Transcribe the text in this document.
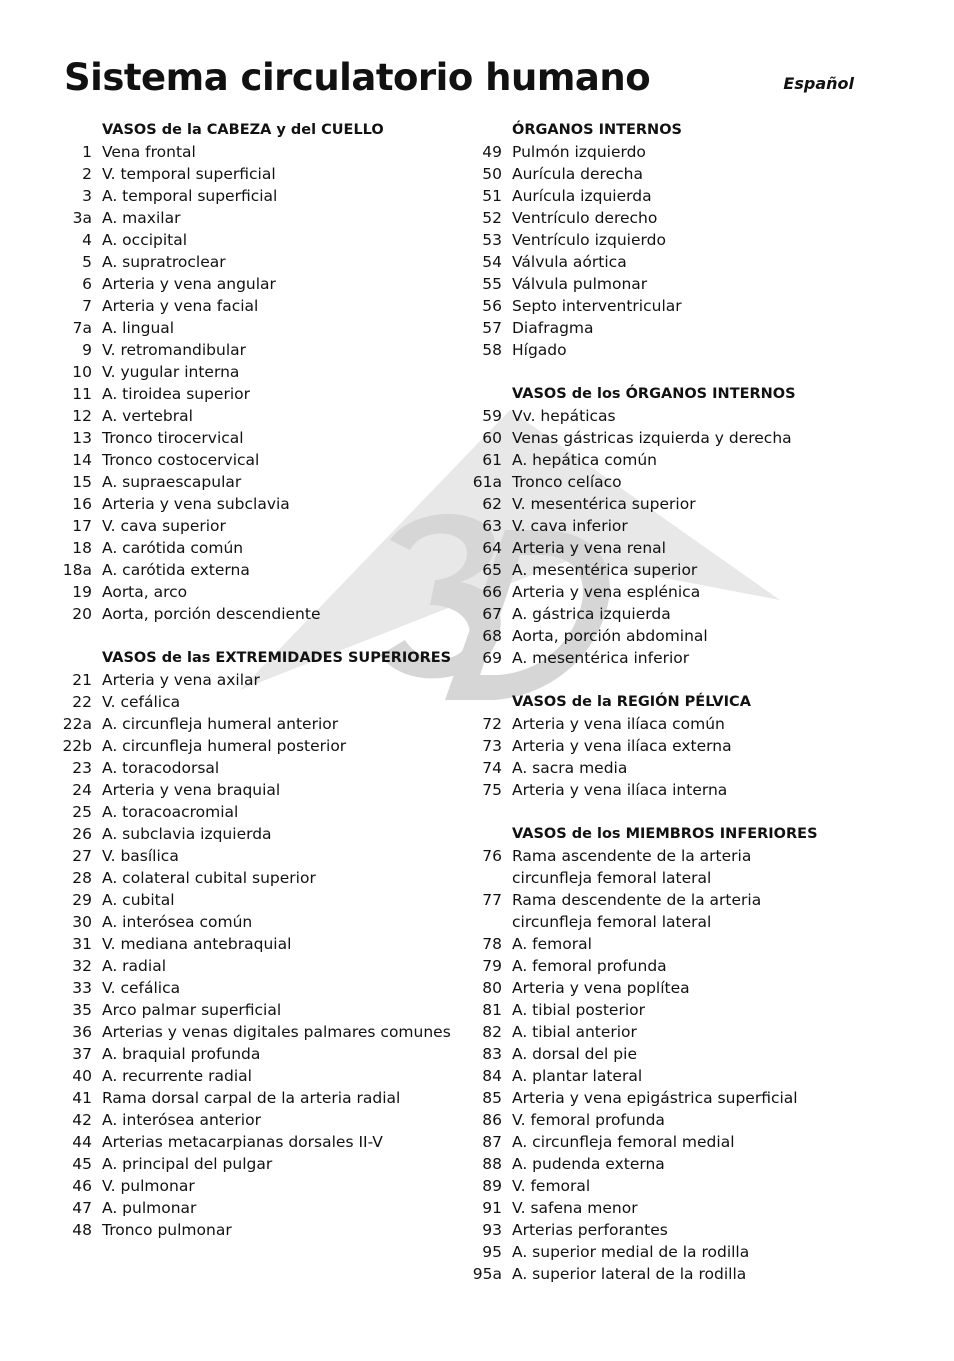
Sistema circulatorio humano	Español
VASOS de la CABEZA y del CUELLO
1 Vena frontal
2 V. temporal superficial
3 A. temporal superficial
3a A. maxilar
4 A. occipital
5 A. supratroclear
6 Arteria y vena angular
7 Arteria y vena facial
7a A. lingual
9 V. retromandibular
10 V. yugular interna
11 A. tiroidea superior
12 A. vertebral
13 Tronco tirocervical
14 Tronco costocervical
15 A. supraescapular
16 Arteria y vena subclavia
17 V. cava superior
18 A. carótida común
18a A. carótida externa
19 Aorta, arco
20 Aorta, porción descendiente
VASOS de las EXTREMIDADES SUPERIORES
21 Arteria y vena axilar
22 V. cefálica
22a A. circunfleja humeral anterior
22b A. circunfleja humeral posterior
23 A. toracodorsal
24 Arteria y vena braquial
25 A. toracoacromial
26 A. subclavia izquierda
27 V. basílica
28 A. colateral cubital superior
29 A. cubital
30 A. interósea común
31 V. mediana antebraquial
32 A. radial
33 V. cefálica
35 Arco palmar superficial
36 Arterias y venas digitales palmares comunes
37 A. braquial profunda
40 A. recurrente radial
41 Rama dorsal carpal de la arteria radial
42 A. interósea anterior
44 Arterias metacarpianas dorsales II-V
45 A. principal del pulgar
46 V. pulmonar
47 A. pulmonar
48 Tronco pulmonar
ÓRGANOS INTERNOS
49 Pulmón izquierdo
50 Aurícula derecha
51 Aurícula izquierda
52 Ventrículo derecho
53 Ventrículo izquierdo
54 Válvula aórtica
55 Válvula pulmonar
56 Septo interventricular
57 Diafragma
58 Hígado
VASOS de los ÓRGANOS INTERNOS
59 Vv. hepáticas
60 Venas gástricas izquierda y derecha
61 A. hepática común
61a Tronco celíaco
62 V. mesentérica superior
63 V. cava inferior
64 Arteria y vena renal
65 A. mesentérica superior
66 Arteria y vena esplénica
67 A. gástrica izquierda
68 Aorta, porción abdominal
69 A. mesentérica inferior
VASOS de la REGIÓN PÉLVICA
72 Arteria y vena ilíaca común
73 Arteria y vena ilíaca externa
74 A. sacra media
75 Arteria y vena ilíaca interna
VASOS de los MIEMBROS INFERIORES
76 Rama ascendente de la arteria circunfleja femoral lateral
77 Rama descendente de la arteria circunfleja femoral lateral
78 A. femoral
79 A. femoral profunda
80 Arteria y vena poplítea
81 A. tibial posterior
82 A. tibial anterior
83 A. dorsal del pie
84 A. plantar lateral
85 Arteria y vena epigástrica superficial
86 V. femoral profunda
87 A. circunfleja femoral medial
88 A. pudenda externa
89 V. femoral
91 V. safena menor
93 Arterias perforantes
95 A. superior medial de la rodilla
95a A. superior lateral de la rodilla
